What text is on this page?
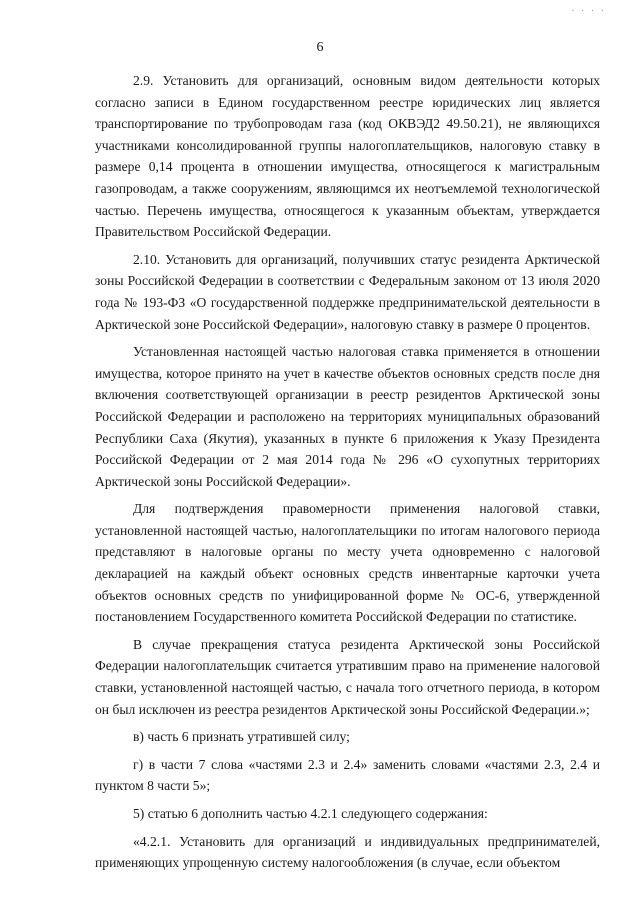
· · · ·
6

2.9. Установить для организаций, основным видом деятельности которых согласно записи в Едином государственном реестре юридических лиц является транспортирование по трубопроводам газа (код ОКВЭД2 49.50.21), не являющихся участниками консолидированной группы налогоплательщиков, налоговую ставку в размере 0,14 процента в отношении имущества, относящегося к магистральным газопроводам, а также сооружениям, являющимся их неотъемлемой технологической частью. Перечень имущества, относящегося к указанным объектам, утверждается Правительством Российской Федерации.

2.10. Установить для организаций, получивших статус резидента Арктической зоны Российской Федерации в соответствии с Федеральным законом от 13 июля 2020 года № 193-ФЗ «О государственной поддержке предпринимательской деятельности в Арктической зоне Российской Федерации», налоговую ставку в размере 0 процентов.

Установленная настоящей частью налоговая ставка применяется в отношении имущества, которое принято на учет в качестве объектов основных средств после дня включения соответствующей организации в реестр резидентов Арктической зоны Российской Федерации и расположено на территориях муниципальных образований Республики Саха (Якутия), указанных в пункте 6 приложения к Указу Президента Российской Федерации от 2 мая 2014 года № 296 «О сухопутных территориях Арктической зоны Российской Федерации».

Для подтверждения правомерности применения налоговой ставки, установленной настоящей частью, налогоплательщики по итогам налогового периода представляют в налоговые органы по месту учета одновременно с налоговой декларацией на каждый объект основных средств инвентарные карточки учета объектов основных средств по унифицированной форме № ОС-6, утвержденной постановлением Государственного комитета Российской Федерации по статистике.

В случае прекращения статуса резидента Арктической зоны Российской Федерации налогоплательщик считается утратившим право на применение налоговой ставки, установленной настоящей частью, с начала того отчетного периода, в котором он был исключен из реестра резидентов Арктической зоны Российской Федерации.»;

в) часть 6 признать утратившей силу;

г) в части 7 слова «частями 2.3 и 2.4» заменить словами «частями 2.3, 2.4 и пунктом 8 части 5»;

5) статью 6 дополнить частью 4.2.1 следующего содержания:

«4.2.1. Установить для организаций и индивидуальных предпринимателей, применяющих упрощенную систему налогообложения (в случае, если объектом
